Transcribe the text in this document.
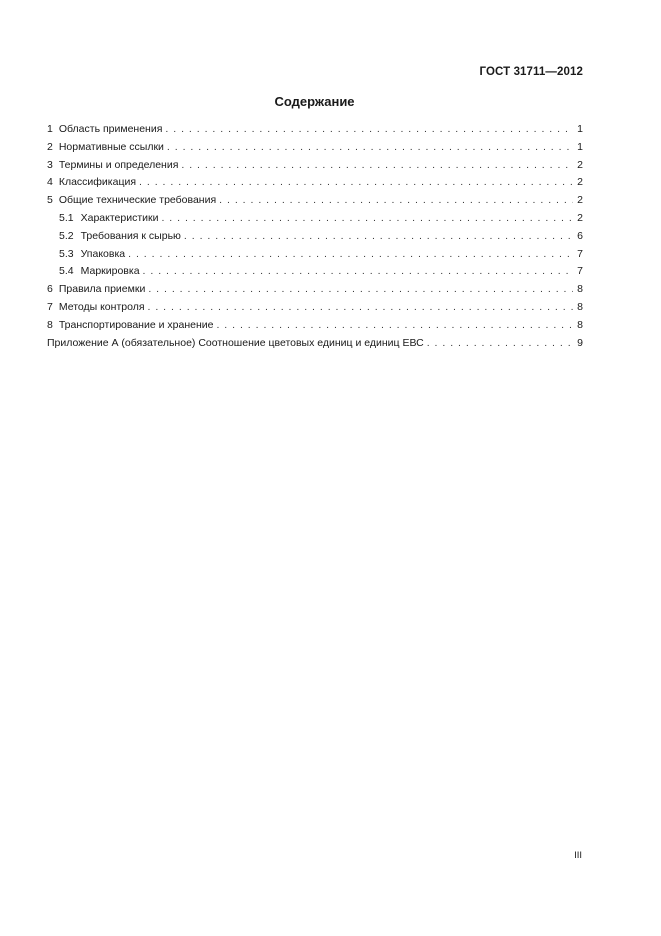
ГОСТ 31711—2012
Содержание
1 Область применения . . .	1
2 Нормативные ссылки . . .	1
3 Термины и определения . . .	2
4 Классификация . . .	2
5 Общие технические требования . . .	2
5.1 Характеристики . . .	2
5.2 Требования к сырью . . .	6
5.3 Упаковка . . .	7
5.4 Маркировка . . .	7
6 Правила приемки . . .	8
7 Методы контроля . . .	8
8 Транспортирование и хранение . . .	8
Приложение А (обязательное) Соотношение цветовых единиц и единиц ЕВС . . .	9
III
